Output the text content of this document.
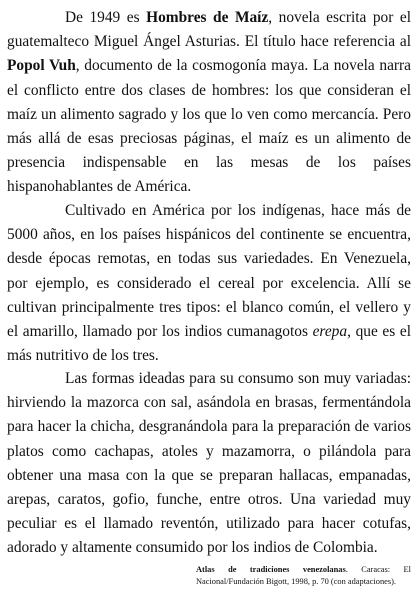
De 1949 es Hombres de Maíz, novela escrita por el guatemalteco Miguel Ángel Asturias. El título hace referencia al Popol Vuh, documento de la cosmogonía maya. La novela narra el conflicto entre dos clases de hombres: los que consideran el maíz un alimento sagrado y los que lo ven como mercancía. Pero más allá de esas preciosas páginas, el maíz es un alimento de presencia indispensable en las mesas de los países hispanohablantes de América.

Cultivado en América por los indígenas, hace más de 5000 años, en los países hispánicos del continente se encuentra, desde épocas remotas, en todas sus variedades. En Venezuela, por ejemplo, es considerado el cereal por excelencia. Allí se cultivan principalmente tres tipos: el blanco común, el vellero y el amarillo, llamado por los indios cumanagotos erepa, que es el más nutritivo de los tres.

Las formas ideadas para su consumo son muy variadas: hirviendo la mazorca con sal, asándola en brasas, fermentándola para hacer la chicha, desgranándola para la preparación de varios platos como cachapas, atoles y mazamorra, o pilándola para obtener una masa con la que se preparan hallacas, empanadas, arepas, caratos, gofio, funche, entre otros. Una variedad muy peculiar es el llamado reventón, utilizado para hacer cotufas, adorado y altamente consumido por los indios de Colombia.

Atlas de tradiciones venezolanas. Caracas: El Nacional/Fundación Bigott, 1998, p. 70 (con adaptaciones).
